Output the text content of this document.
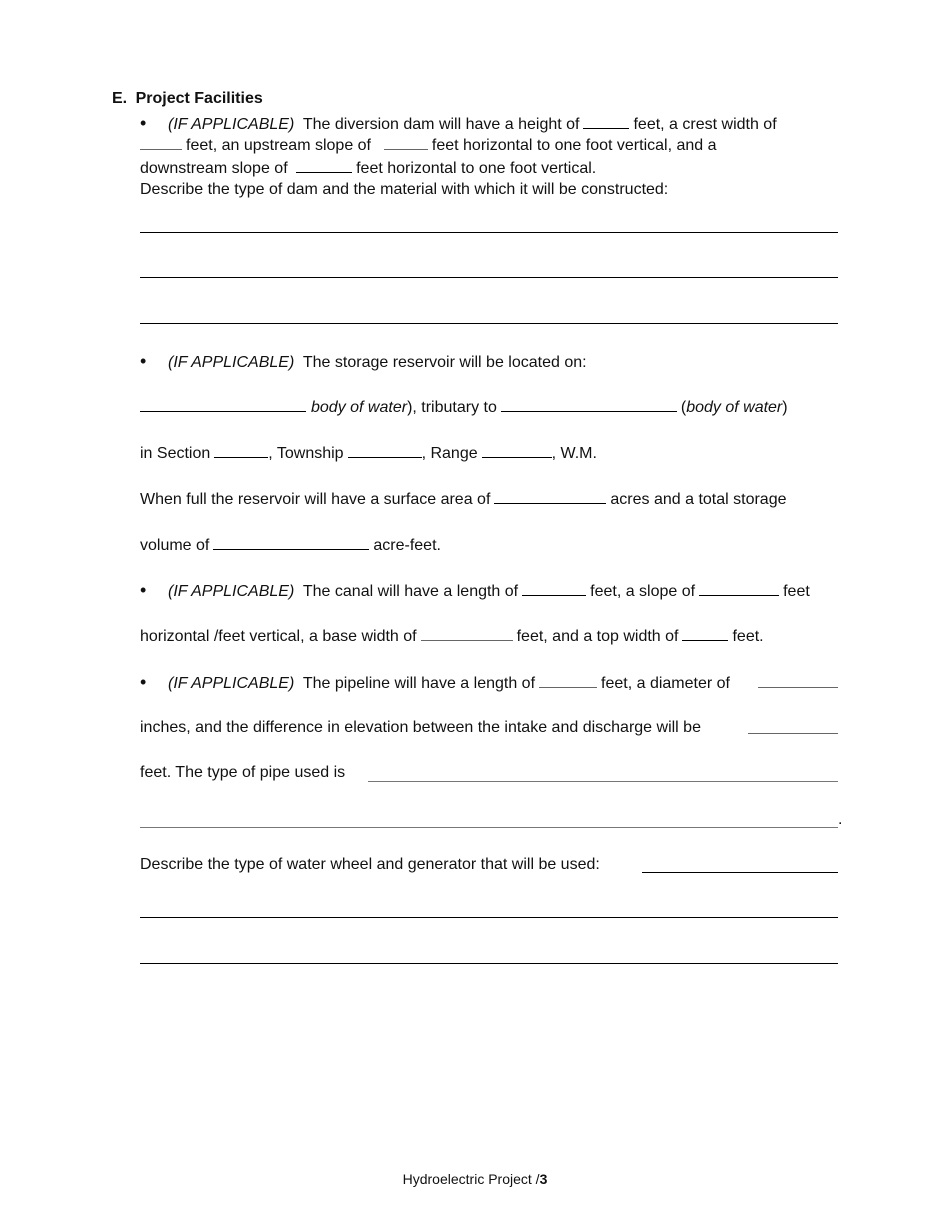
E. Project Facilities
•(IF APPLICABLE) The diversion dam will have a height of	feet, a crest width of
feet, an upstream slope of	feet horizontal to one foot vertical, and a
downstream slope of	feet horizontal to one foot vertical.
Describe the type of dam and the material with which it will be constructed:
•(IF APPLICABLE) The storage reservoir will be located on:
body of water), tributary to	(body of water)
in Section	, Township	, Range	, W.M.
When full the reservoir will have a surface area of	acres and a total storage
volume of	acre-feet.
•(IF APPLICABLE) The canal will have a length of	feet, a slope of	feet
horizontal /feet vertical, a base width of	feet, and a top width of	feet.
•(IF APPLICABLE) The pipeline will have a length of	feet, a diameter of
inches, and the difference in elevation between the intake and discharge will be
feet. The type of pipe used is
.
Describe the type of water wheel and generator that will be used:
Hydroelectric Project /3
